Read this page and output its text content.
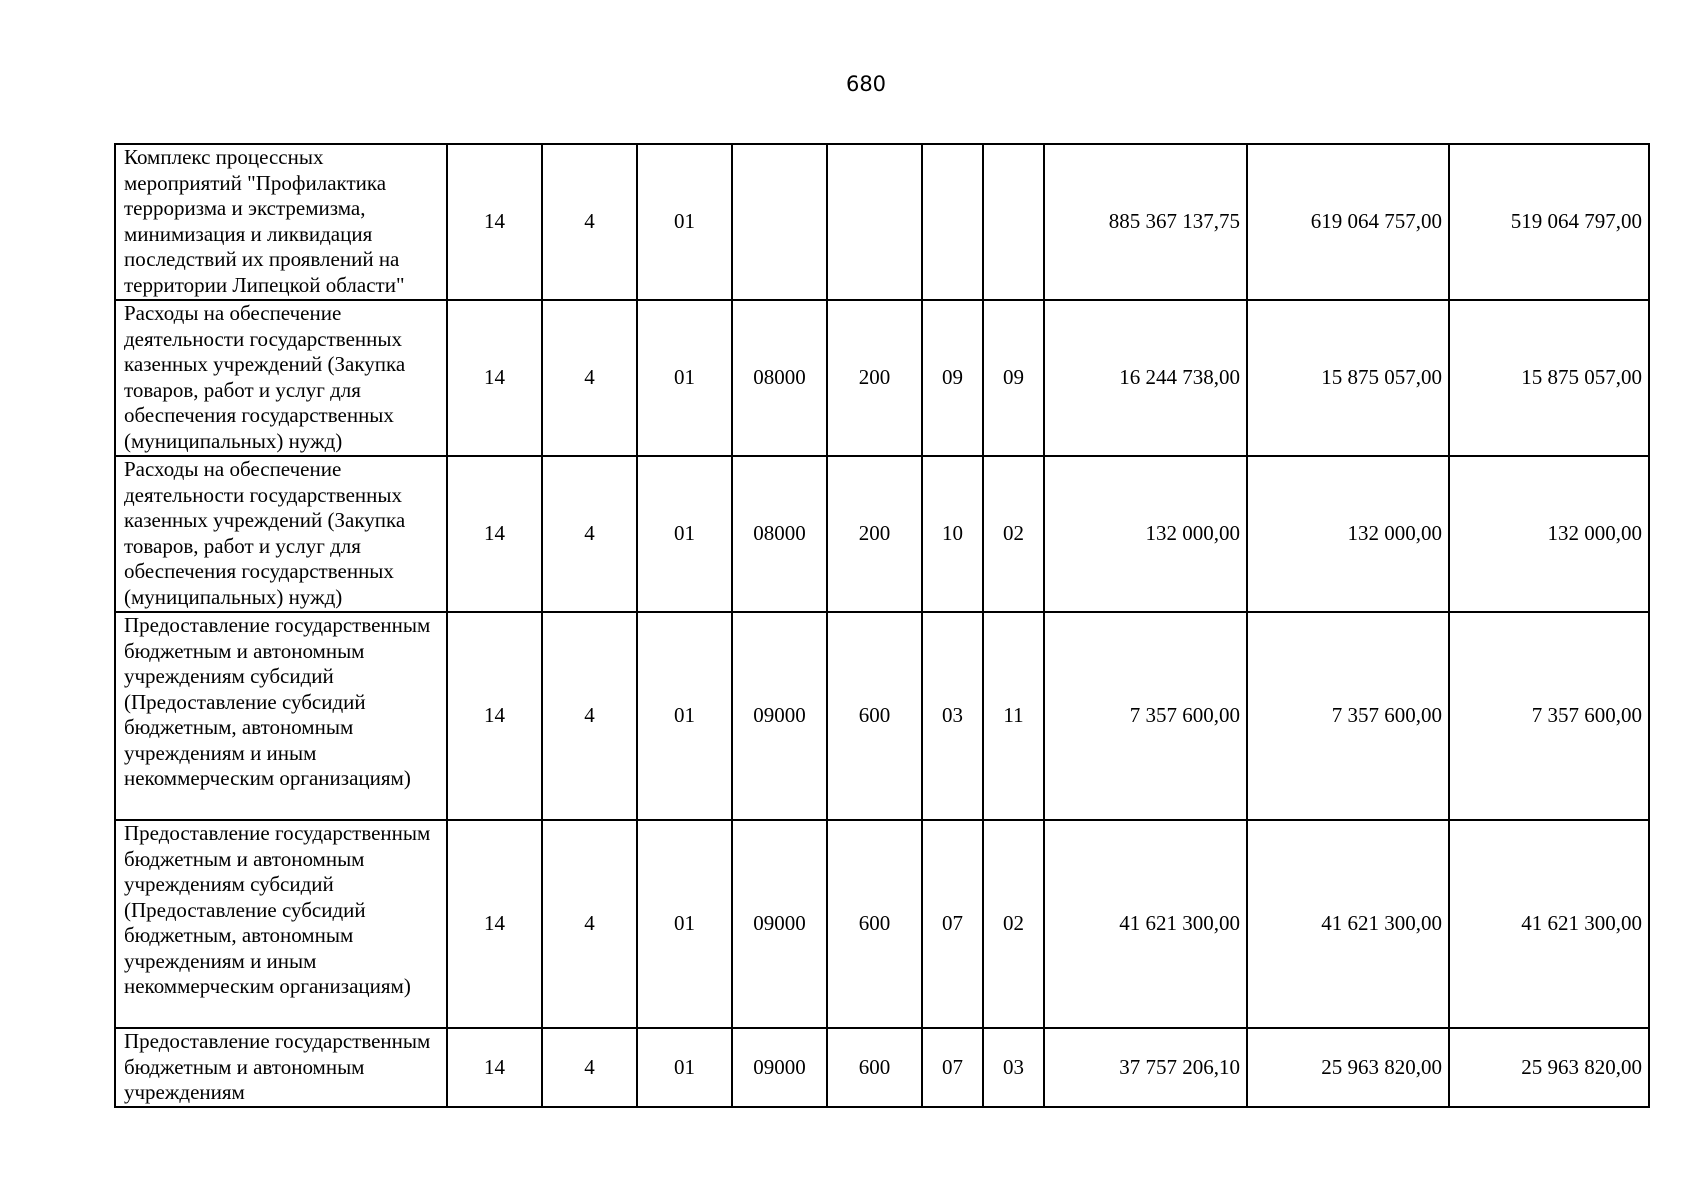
680
Комплекс процессных мероприятий "Профилактика терроризма и экстремизма, минимизация и ликвидация последствий их проявлений на территории Липецкой области"	14	4	01					885 367 137,75	619 064 757,00	519 064 797,00
Расходы на обеспечение деятельности государственных казенных учреждений (Закупка товаров, работ и услуг для обеспечения государственных (муниципальных) нужд)	14	4	01	08000	200	09	09	16 244 738,00	15 875 057,00	15 875 057,00
Расходы на обеспечение деятельности государственных казенных учреждений (Закупка товаров, работ и услуг для обеспечения государственных (муниципальных) нужд)	14	4	01	08000	200	10	02	132 000,00	132 000,00	132 000,00
Предоставление государственным бюджетным и автономным учреждениям субсидий (Предоставление субсидий бюджетным, автономным учреждениям и иным некоммерческим организациям)	14	4	01	09000	600	03	11	7 357 600,00	7 357 600,00	7 357 600,00
Предоставление государственным бюджетным и автономным учреждениям субсидий (Предоставление субсидий бюджетным, автономным учреждениям и иным некоммерческим организациям)	14	4	01	09000	600	07	02	41 621 300,00	41 621 300,00	41 621 300,00
Предоставление государственным бюджетным и автономным учреждениям	14	4	01	09000	600	07	03	37 757 206,10	25 963 820,00	25 963 820,00
